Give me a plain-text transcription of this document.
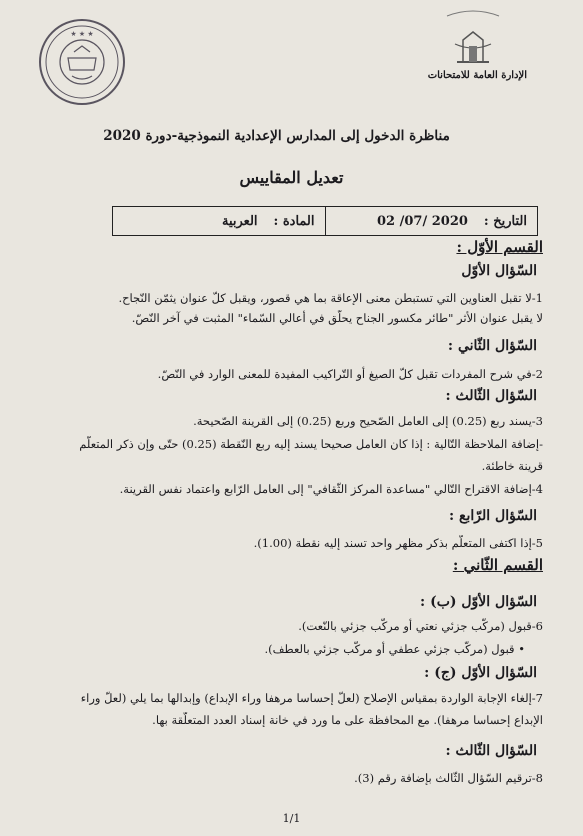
★ ★ ★
الإدارة العامة للامتحانات
مناظرة الدخول إلى المدارس الإعدادية النموذجية-دورة 2020
تعديل المقاييس
التاريخ :
2020 /07/ 02
المادة :
العربية
القسم الأوّل :
السّؤال الأوّل
1-لا تقبل العناوين التي تستبطن معنى الإعاقة بما هي قصور، ويقبل كلّ عنوان يثمّن النّجاح.
لا يقبل عنوان الأثر "طائر مكسور الجناح يحلّق في أعالي السّماء" المثبت في آخر النّصّ.
السّؤال الثّاني :
2-في شرح المفردات تقبل كلّ الصيغ أو التّراكيب المفيدة للمعنى الوارد في النّصّ.
السّؤال الثّالث :
3-يسند ربع (0.25) إلى العامل الصّحيح وربع (0.25) إلى القرينة الصّحيحة.
-إضافة الملاحظة التّالية : إذا كان العامل صحيحا يسند إليه ربع النّقطة (0.25) حتّى وإن ذكر المتعلّم
قرينة خاطئة.
4-إضافة الاقتراح التّالي "مساعدة المركز الثّقافي" إلى العامل الرّابع واعتماد نفس القرينة.
السّؤال الرّابع :
5-إذا اكتفى المتعلّم بذكر مظهر واحد تسند إليه نقطة (1.00).
القسم الثّاني :
السّؤال الأوّل (ب) :
6-قبول (مركّب جزئي نعتي أو مركّب جزئي بالنّعت).
• قبول (مركّب جزئي عطفي أو مركّب جزئي بالعطف).
السّؤال الأوّل (ج) :
7-إلغاء الإجابة الواردة بمقياس الإصلاح (لعلّ إحساسا مرهفا وراء الإبداع) وإبدالها بما يلي (لعلّ وراء
الإبداع إحساسا مرهفا). مع المحافظة على ما ورد في خانة إسناد العدد المتعلّقة بها.
السّؤال الثّالث :
8-ترقيم السّؤال الثّالث بإضافة رقم (3).
1/1
